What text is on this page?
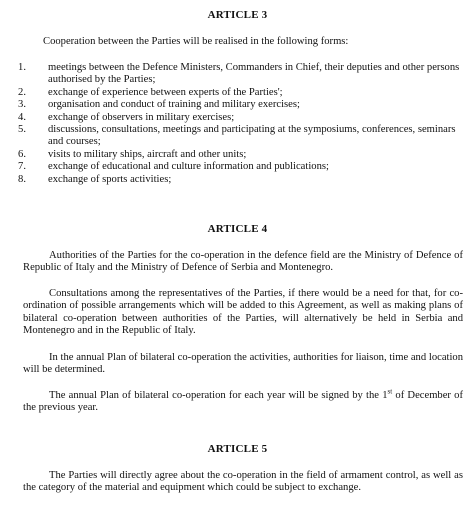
ARTICLE 3
Cooperation between the Parties will be realised in the following forms:
1. meetings between the Defence Ministers, Commanders in Chief, their deputies and other persons authorised by the Parties;
2. exchange of experience between experts of the Parties';
3. organisation and conduct of training and military exercises;
4. exchange of observers in military exercises;
5. discussions, consultations, meetings and participating at the symposiums, conferences, seminars and courses;
6. visits to military ships, aircraft and other units;
7. exchange of educational and culture information and publications;
8. exchange of sports activities;
ARTICLE 4
Authorities of the Parties for the co-operation in the defence field are the Ministry of Defence of Republic of Italy and the Ministry of Defence of Serbia and Montenegro.
Consultations among the representatives of the Parties, if there would be a need for that, for co-ordination of possible arrangements which will be added to this Agreement, as well as making plans of bilateral co-operation between authorities of the Parties, will alternatively be held in Serbia and Montenegro and in the Republic of Italy.
In the annual Plan of bilateral co-operation the activities, authorities for liaison, time and location will be determined.
The annual Plan of bilateral co-operation for each year will be signed by the 1st of December of the previous year.
ARTICLE 5
The Parties will directly agree about the co-operation in the field of armament control, as well as the category of the material and equipment which could be subject to exchange.
